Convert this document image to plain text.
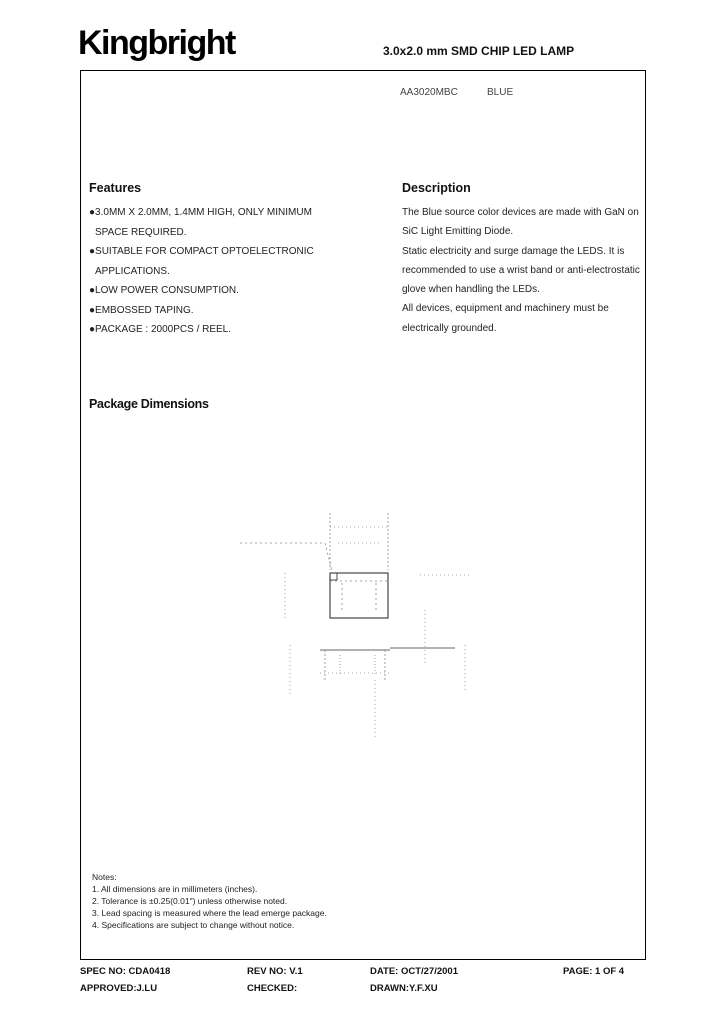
Kingbright	3.0x2.0 mm SMD CHIP LED LAMP
AA3020MBC	BLUE
Features

●3.0MM X 2.0MM, 1.4MM HIGH, ONLY MINIMUM

SPACE REQUIRED.

●SUITABLE FOR COMPACT OPTOELECTRONIC

APPLICATIONS.

●LOW POWER CONSUMPTION.

●EMBOSSED TAPING.

●PACKAGE : 2000PCS / REEL.

Description

The Blue source color devices are made with GaN on

SiC Light Emitting Diode.

Static electricity and surge damage the LEDS. It is

recommended to use a wrist band or anti-electrostatic

glove when handling the LEDs.

All devices, equipment and machinery must be

electrically grounded.

Package Dimensions

Notes:

1. All dimensions are in millimeters (inches).

2. Tolerance is ±0.25(0.01") unless otherwise noted.

3. Lead spacing is measured where the lead emerge package.

4. Specifications are subject to change without notice.

SPEC NO: CDA0418	REV NO: V.1	DATE: OCT/27/2001	PAGE: 1 OF 4
APPROVED:J.LU	CHECKED:	DRAWN:Y.F.XU
